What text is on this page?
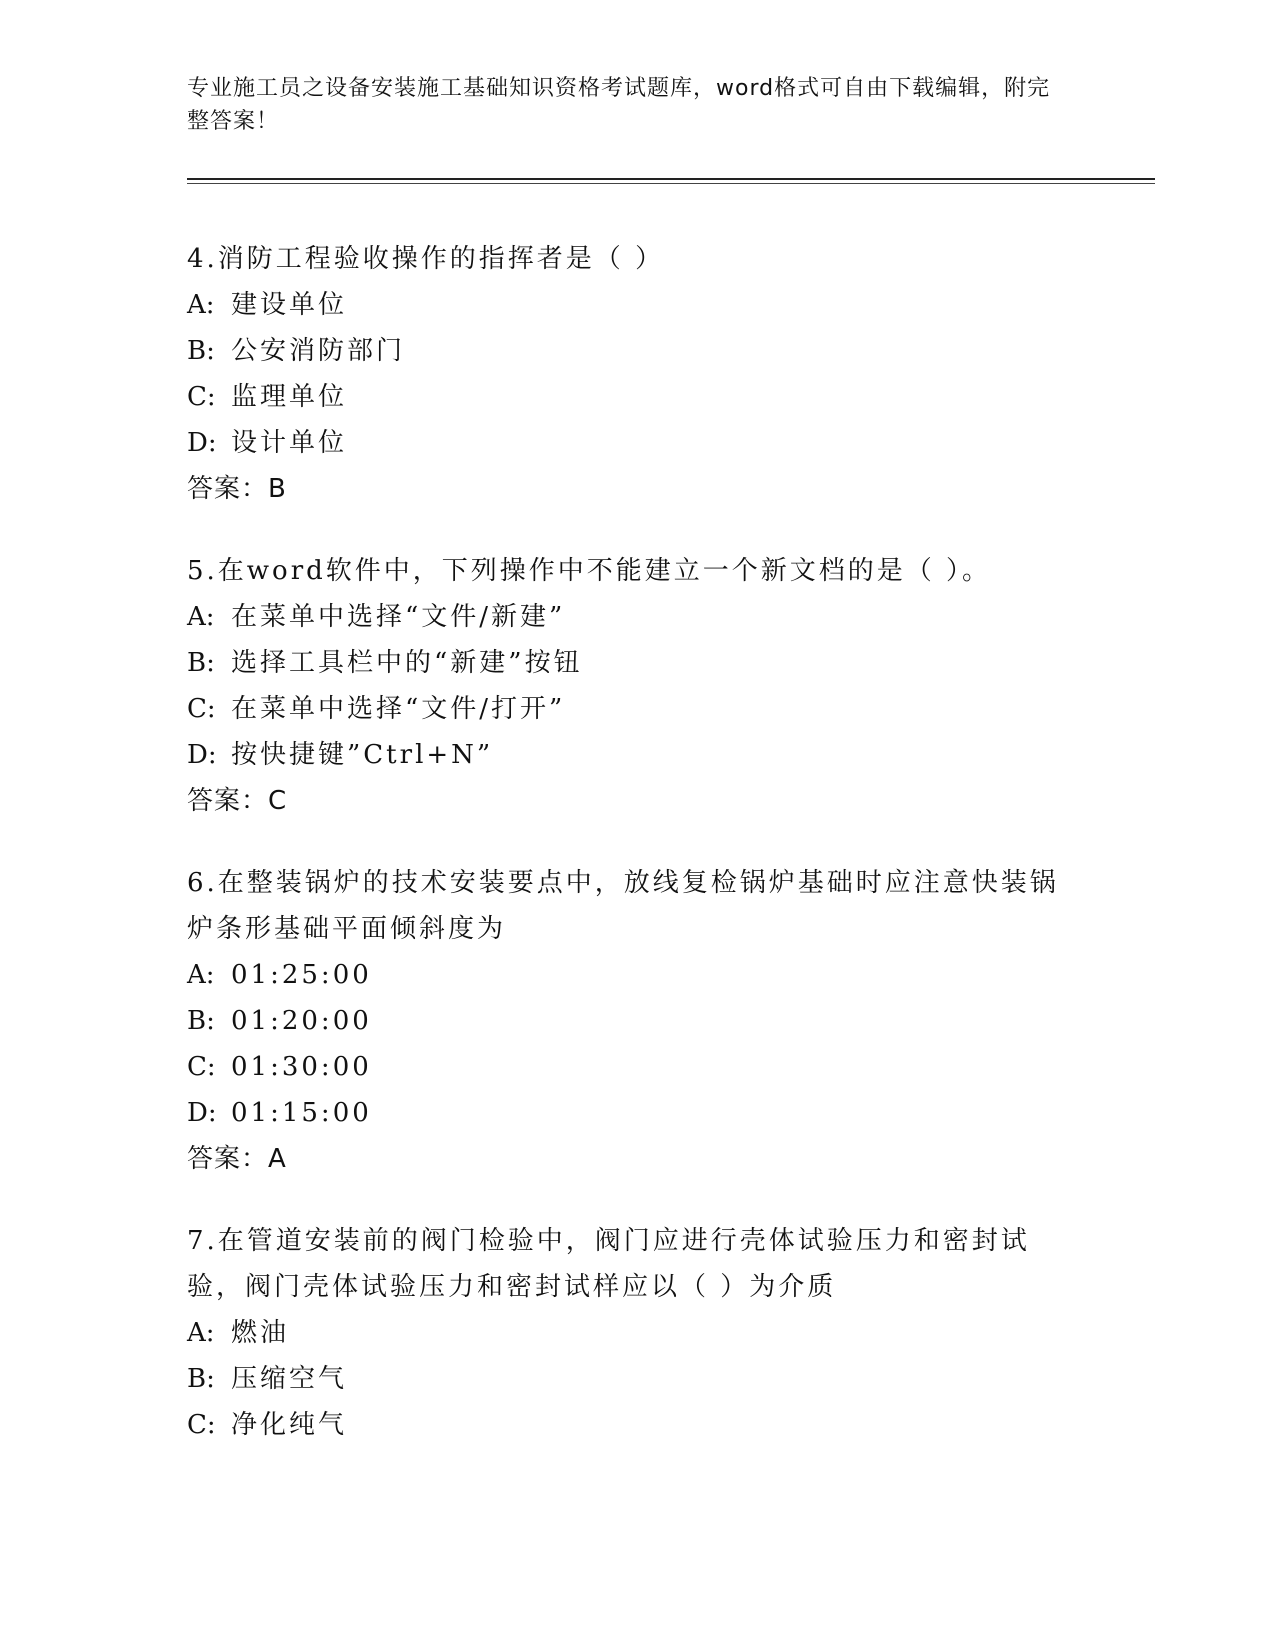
专业施工员之设备安装施工基础知识资格考试题库，word格式可自由下载编辑，附完整答案！
4.消防工程验收操作的指挥者是（ ）
A: 建设单位
B: 公安消防部门
C: 监理单位
D: 设计单位
答案：B
5.在word软件中，下列操作中不能建立一个新文档的是（ ）。
A: 在菜单中选择“文件/新建”
B: 选择工具栏中的“新建”按钮
C: 在菜单中选择“文件/打开”
D: 按快捷键”Ctrl+N”
答案：C
6.在整装锅炉的技术安装要点中，放线复检锅炉基础时应注意快装锅炉条形基础平面倾斜度为
A: 01:25:00
B: 01:20:00
C: 01:30:00
D: 01:15:00
答案：A
7.在管道安装前的阀门检验中，阀门应进行壳体试验压力和密封试验，阀门壳体试验压力和密封试样应以（ ）为介质
A: 燃油
B: 压缩空气
C: 净化纯气
